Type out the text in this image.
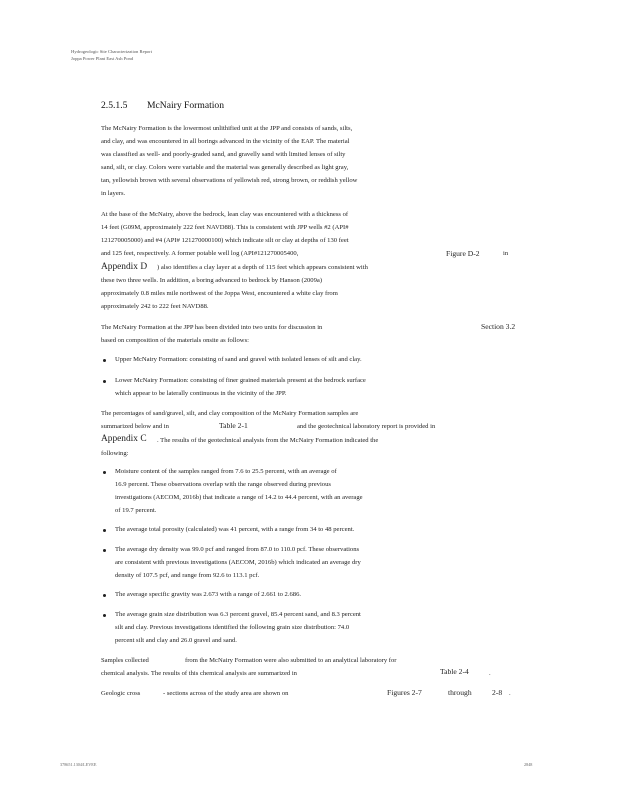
Hydrogeologic Site Characterization Report
Joppa Power Plant East Ash Pond
2.5.1.5 McNairy Formation
The McNairy Formation is the lowermost unlithified unit at the JPP and consists of sands, silts,
and clay, and was encountered in all borings advanced in the vicinity of the EAP. The material
was classified as well- and poorly-graded sand, and gravelly sand with limited lenses of silty
sand, silt, or clay. Colors were variable and the material was generally described as light gray,
tan, yellowish brown with several observations of yellowish red, strong brown, or reddish yellow
in layers.
At the base of the McNairy, above the bedrock, lean clay was encountered with a thickness of
14 feet (G09M, approximately 222 feet NAVD88). This is consistent with JPP wells #2 (API#
121270005000) and #4 (API# 121270000100) which indicate silt or clay at depths of 130 feet
and 125 feet, respectively. A former potable well log (API#121270005400,	Figure D-2	in
Appendix D ) also identifies a clay layer at a depth of 115 feet which appears consistent with
these two three wells. In addition, a boring advanced to bedrock by Hanson (2009a)
approximately 0.8 miles mile northwest of the Joppa West, encountered a white clay from
approximately 242 to 222 feet NAVD88.
The McNairy Formation at the JPP has been divided into two units for discussion in	Section 3.2
based on composition of the materials onsite as follows:
Upper McNairy Formation: consisting of sand and gravel with isolated lenses of silt and clay.
Lower McNairy Formation: consisting of finer grained materials present at the bedrock surface
which appear to be laterally continuous in the vicinity of the JPP.
The percentages of sand/gravel, silt, and clay composition of the McNairy Formation samples are
summarized below and in	Table 2-1	and the geotechnical laboratory report is provided in
Appendix C . The results of the geotechnical analysis from the McNairy Formation indicated the
following:
Moisture content of the samples ranged from 7.6 to 25.5 percent, with an average of
16.9 percent. These observations overlap with the range observed during previous
investigations (AECOM, 2016b) that indicate a range of 14.2 to 44.4 percent, with an average
of 19.7 percent.
The average total porosity (calculated) was 41 percent, with a range from 34 to 48 percent.
The average dry density was 99.0 pcf and ranged from 87.0 to 110.0 pcf. These observations
are consistent with previous investigations (AECOM, 2016b) which indicated an average dry
density of 107.5 pcf, and range from 92.6 to 113.1 pcf.
The average specific gravity was 2.673 with a range of 2.661 to 2.686.
The average grain size distribution was 6.3 percent gravel, 85.4 percent sand, and 8.3 percent
silt and clay. Previous investigations identified the following grain size distribution: 74.0
percent silt and clay and 26.0 gravel and sand.
Samples collected	from the McNairy Formation were also submitted to an analytical laboratory for
chemical analysis. The results of this chemical analysis are summarized in	Table 2-4	.
Geologic cross	- sections across of the study area are shown on	Figures 2-7	through	2-8 .
378651.1304/LEVEE	2848
